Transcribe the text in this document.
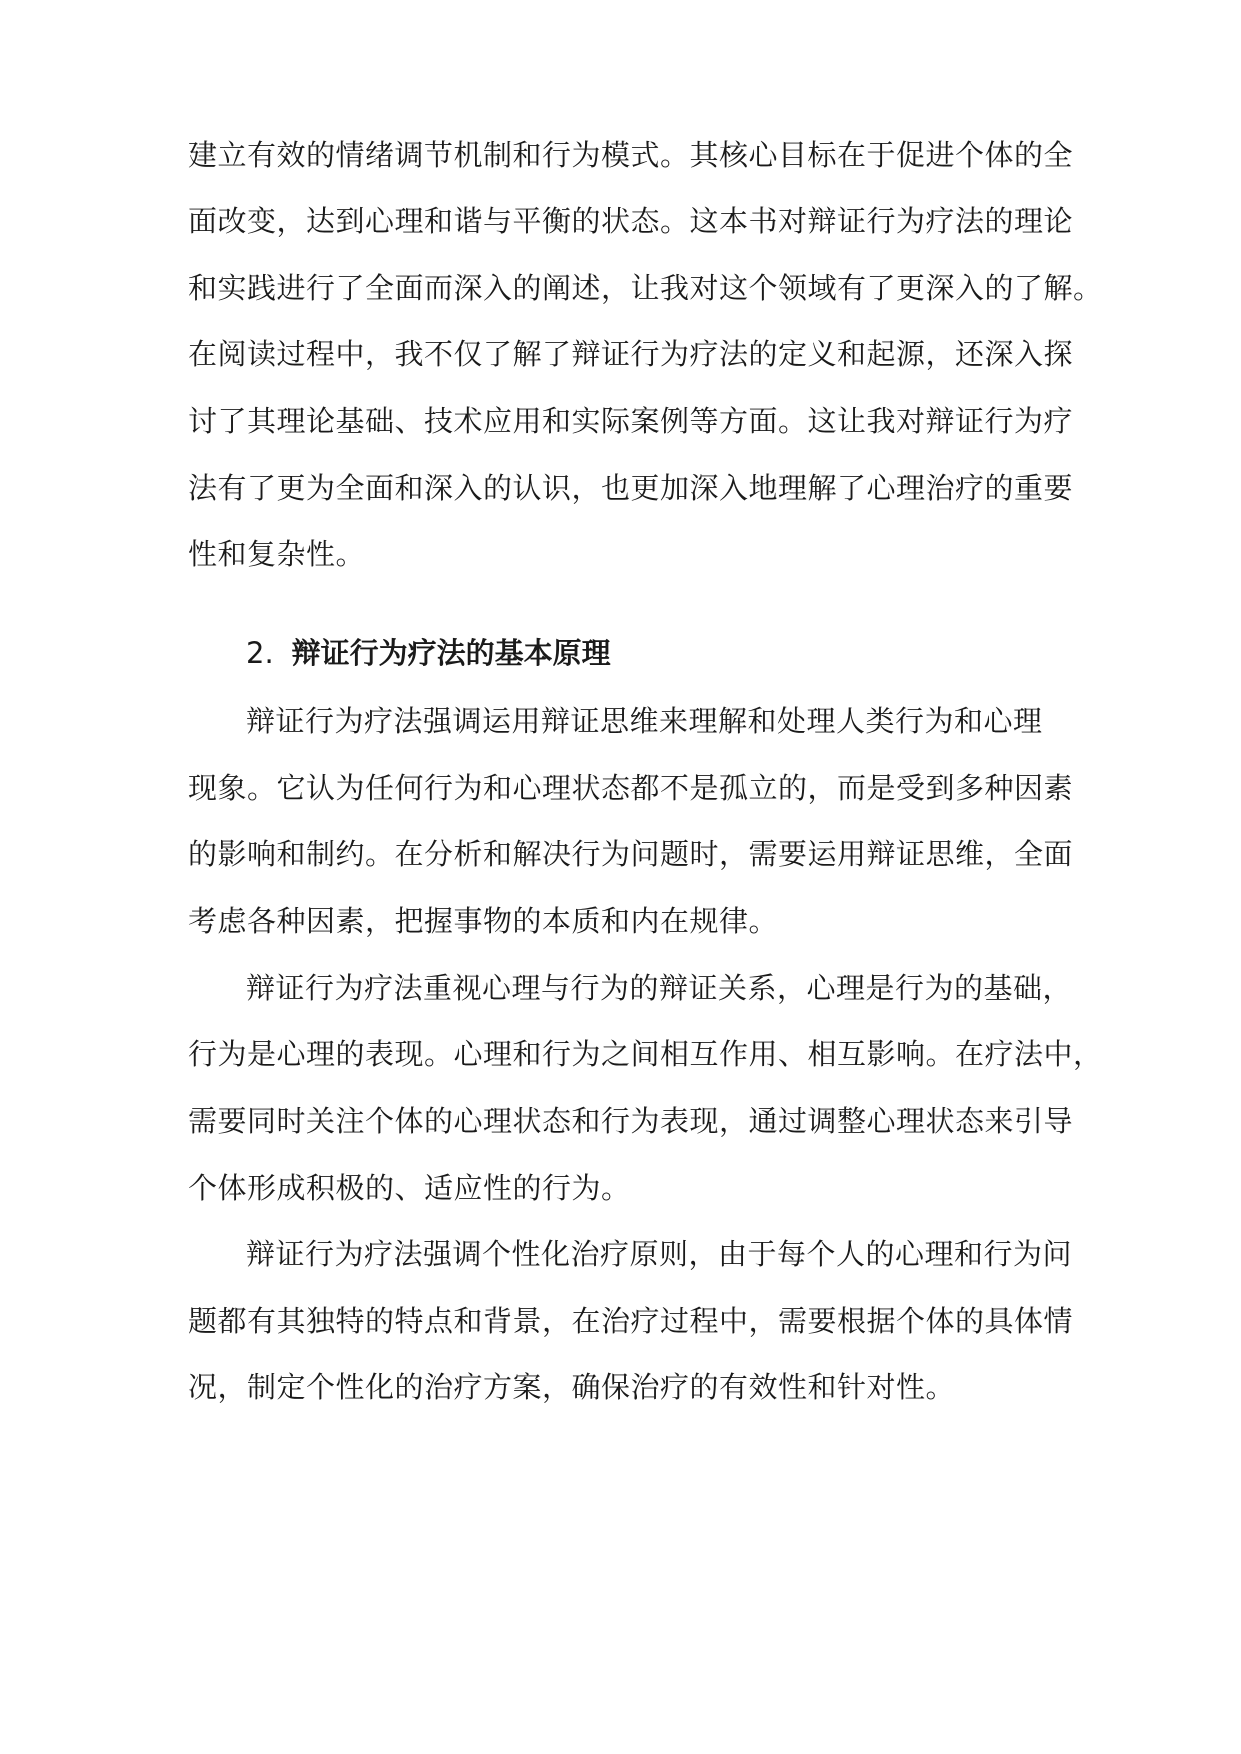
建立有效的情绪调节机制和行为模式。其核心目标在于促进个体的全
面改变，达到心理和谐与平衡的状态。这本书对辩证行为疗法的理论
和实践进行了全面而深入的阐述，让我对这个领域有了更深入的了解。
在阅读过程中，我不仅了解了辩证行为疗法的定义和起源，还深入探
讨了其理论基础、技术应用和实际案例等方面。这让我对辩证行为疗
法有了更为全面和深入的认识，也更加深入地理解了心理治疗的重要
性和复杂性。
2. 辩证行为疗法的基本原理
辩证行为疗法强调运用辩证思维来理解和处理人类行为和心理
现象。它认为任何行为和心理状态都不是孤立的，而是受到多种因素
的影响和制约。在分析和解决行为问题时，需要运用辩证思维，全面
考虑各种因素，把握事物的本质和内在规律。
辩证行为疗法重视心理与行为的辩证关系，心理是行为的基础，
行为是心理的表现。心理和行为之间相互作用、相互影响。在疗法中，
需要同时关注个体的心理状态和行为表现，通过调整心理状态来引导
个体形成积极的、适应性的行为。
辩证行为疗法强调个性化治疗原则，由于每个人的心理和行为问
题都有其独特的特点和背景，在治疗过程中，需要根据个体的具体情
况，制定个性化的治疗方案，确保治疗的有效性和针对性。
